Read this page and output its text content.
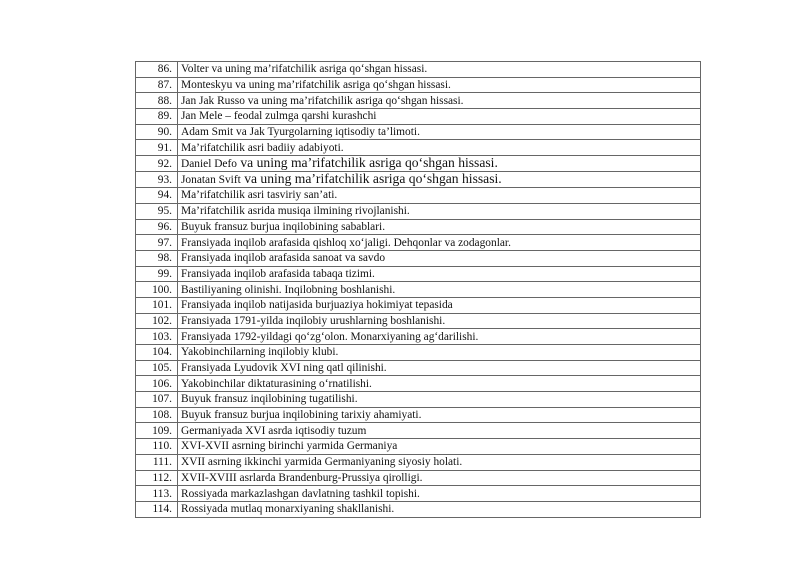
86.	Volter va uning ma’rifatchilik asriga qo‘shgan hissasi.
87.	Monteskyu va uning ma’rifatchilik asriga qo‘shgan hissasi.
88.	Jan Jak Russo va uning ma’rifatchilik asriga qo‘shgan hissasi.
89.	Jan Mele – feodal zulmga qarshi kurashchi
90.	Adam Smit va Jak Tyurgolarning iqtisodiy ta’limoti.
91.	Ma’rifatchilik asri badiiy adabiyoti.
92.	Daniel Defo va uning ma’rifatchilik asriga qo‘shgan hissasi.
93.	Jonatan Svift va uning ma’rifatchilik asriga qo‘shgan hissasi.
94.	Ma’rifatchilik asri tasviriy san’ati.
95.	Ma’rifatchilik asrida musiqa ilmining rivojlanishi.
96.	Buyuk fransuz burjua inqilobining sabablari.
97.	Fransiyada inqilob arafasida qishloq xo‘jaligi. Dehqonlar va zodagonlar.
98.	Fransiyada inqilob arafasida sanoat va savdo
99.	Fransiyada inqilob arafasida tabaqa tizimi.
100.	Bastiliyaning olinishi. Inqilobning boshlanishi.
101.	Fransiyada inqilob natijasida burjuaziya hokimiyat tepasida
102.	Fransiyada 1791-yilda inqilobiy urushlarning boshlanishi.
103.	Fransiyada 1792-yildagi qo‘zg‘olon. Monarxiyaning ag‘darilishi.
104.	Yakobinchilarning inqilobiy klubi.
105.	Fransiyada Lyudovik XVI ning qatl qilinishi.
106.	Yakobinchilar diktaturasining o‘rnatilishi.
107.	Buyuk fransuz inqilobining tugatilishi.
108.	Buyuk fransuz burjua inqilobining tarixiy ahamiyati.
109.	Germaniyada XVI asrda iqtisodiy tuzum
110.	XVI-XVII asrning birinchi yarmida Germaniya
111.	XVII asrning ikkinchi yarmida Germaniyaning siyosiy holati.
112.	XVII-XVIII asrlarda Brandenburg-Prussiya qirolligi.
113.	Rossiyada markazlashgan davlatning tashkil topishi.
114.	Rossiyada mutlaq monarxiyaning shakllanishi.
